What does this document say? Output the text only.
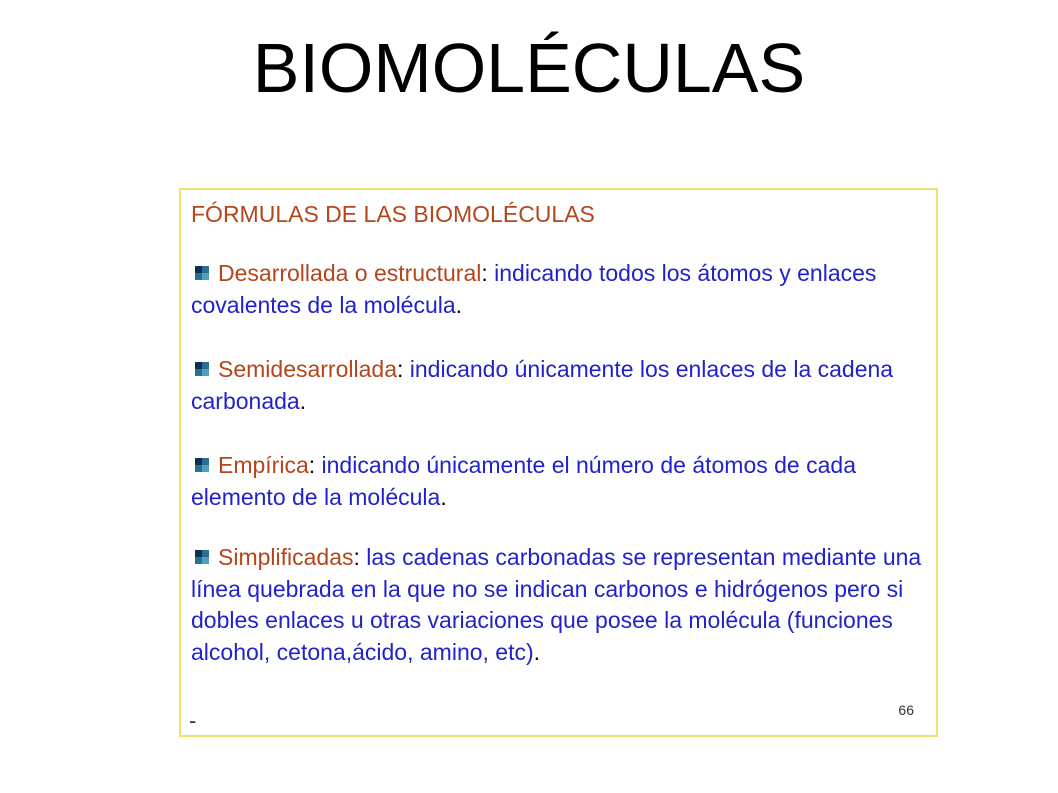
BIOMOLÉCULAS

FÓRMULAS DE LAS BIOMOLÉCULAS

Desarrollada o estructural: indicando todos los átomos y enlaces covalentes de la molécula.

Semidesarrollada: indicando únicamente los enlaces de la cadena carbonada.

Empírica: indicando únicamente el número de átomos de cada elemento de la molécula.

Simplificadas: las cadenas carbonadas se representan mediante una línea quebrada en la que no se indican carbonos e hidrógenos pero si dobles enlaces u otras variaciones que posee la molécula (funciones alcohol, cetona,ácido, amino, etc).

66
-
